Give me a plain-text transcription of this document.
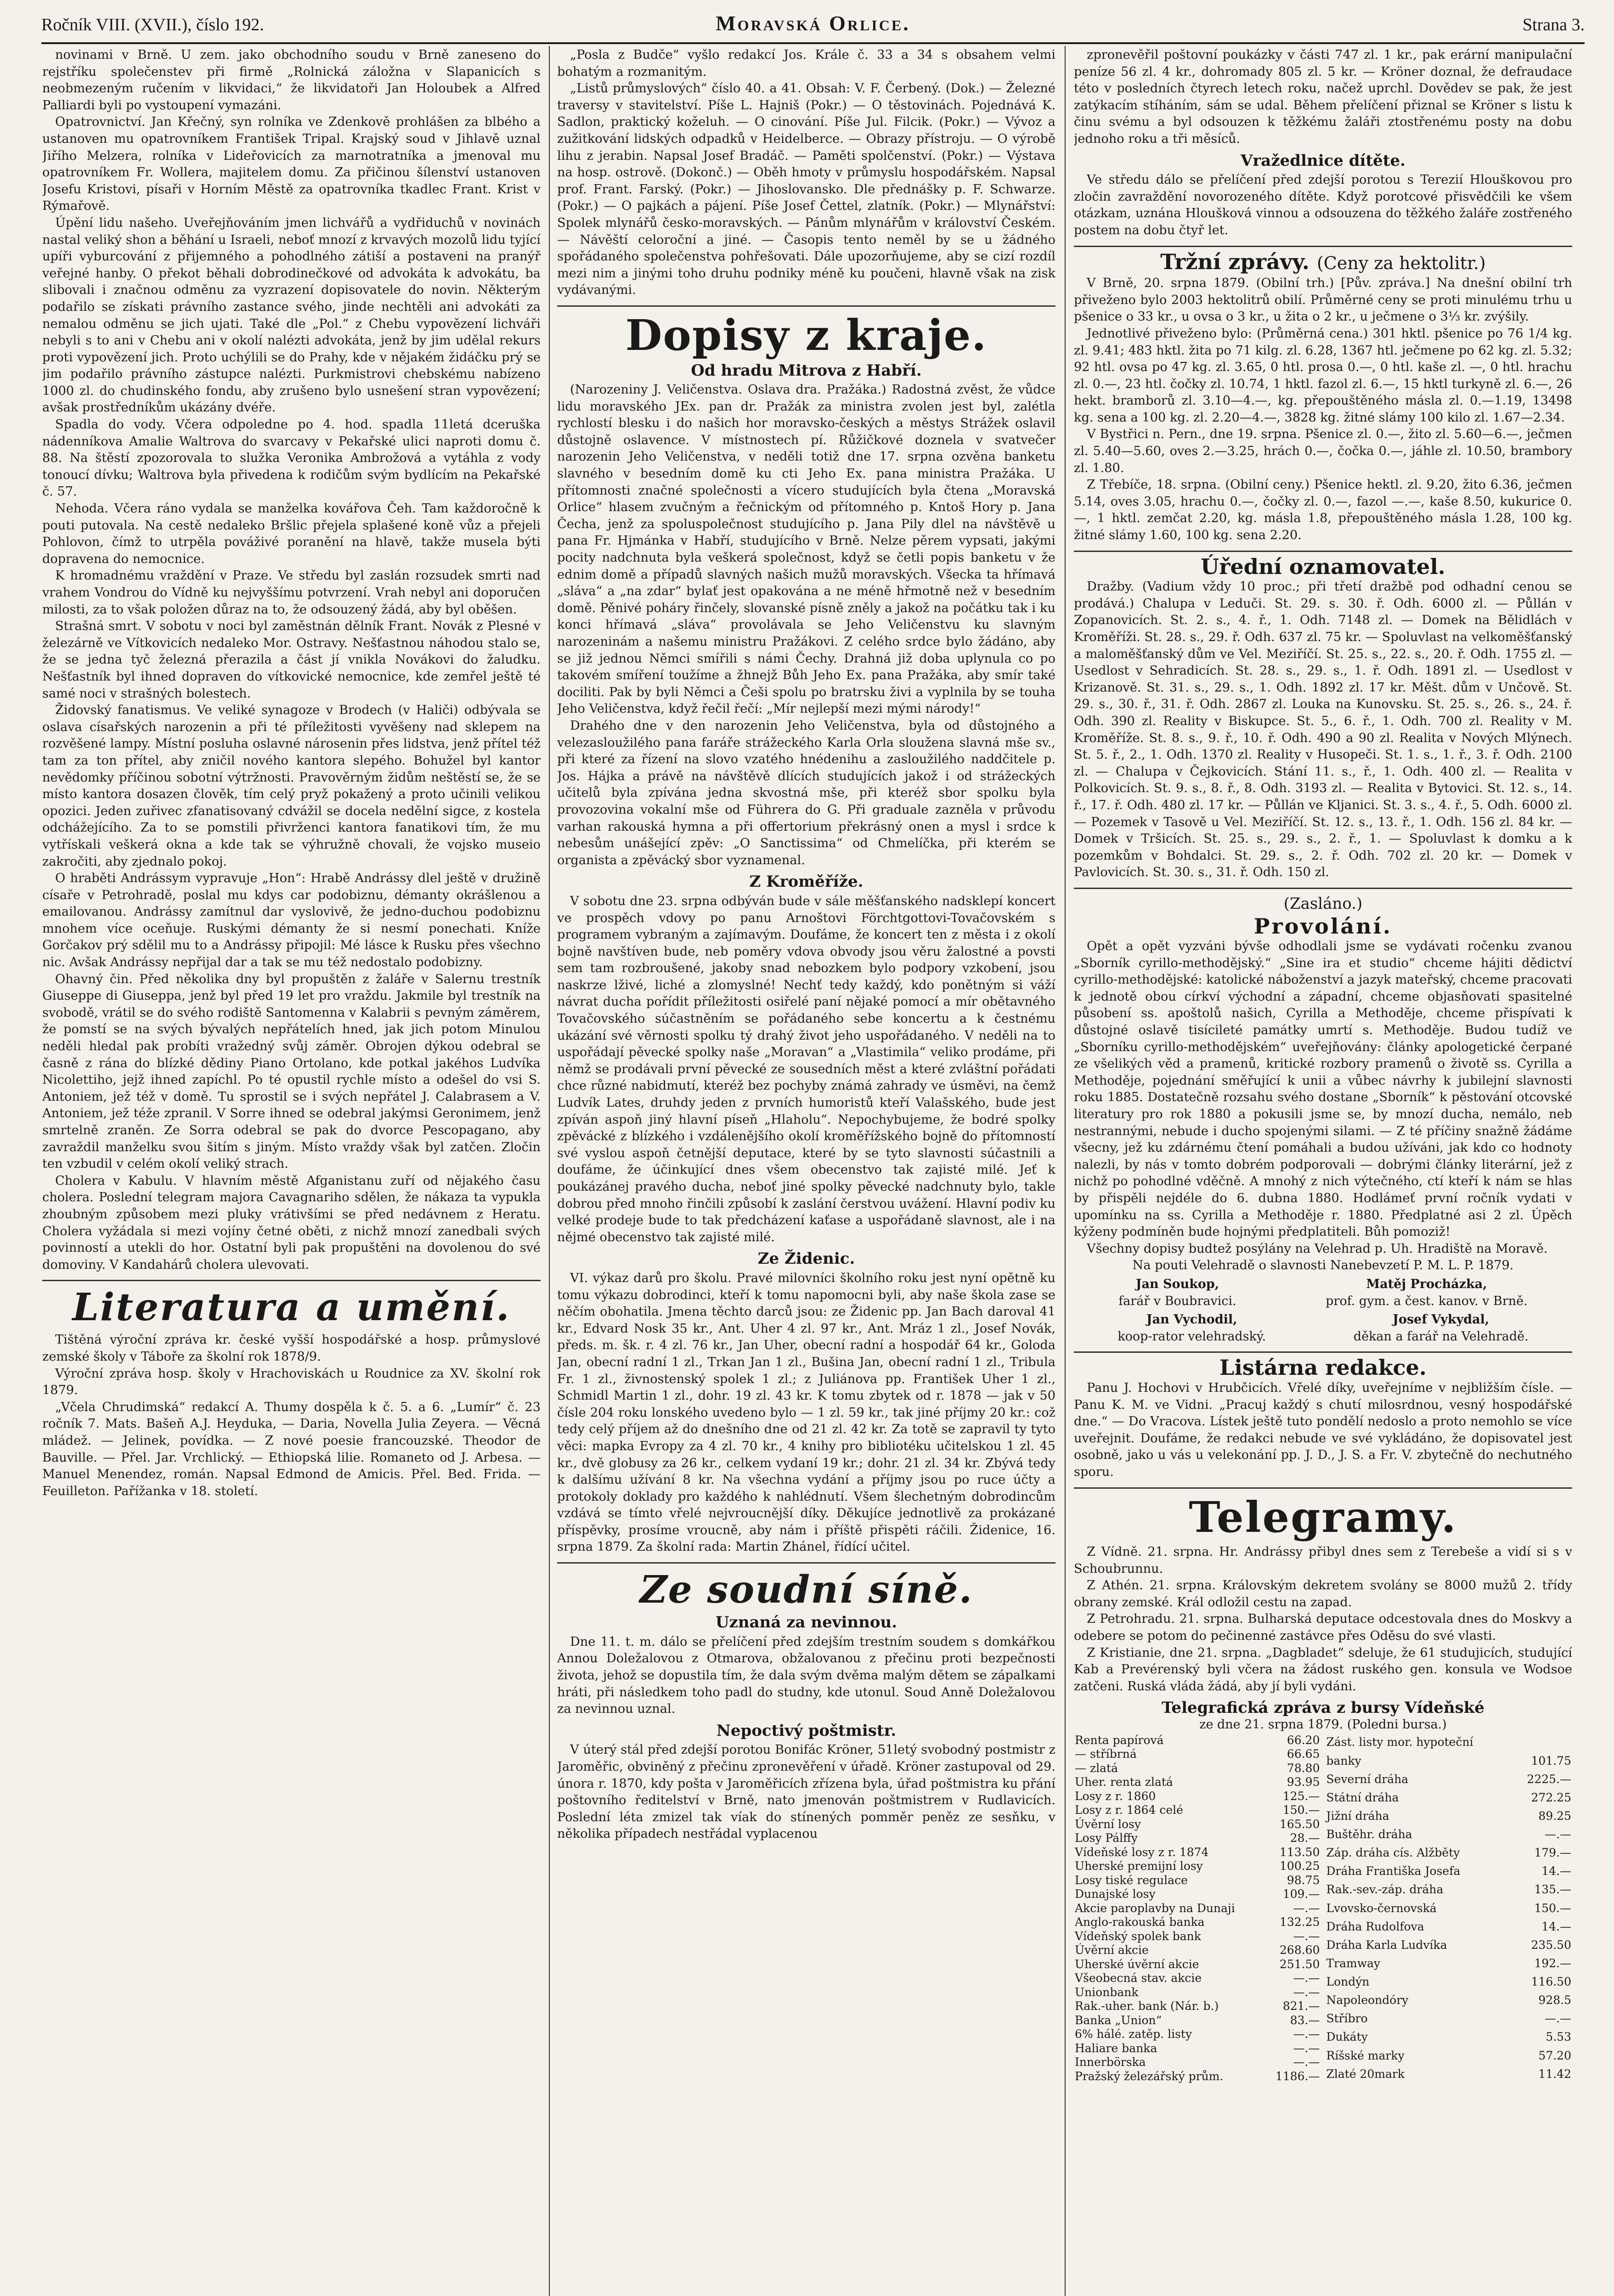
Ročník VIII. (XVII.), číslo 192.	Moravská Orlice.	Strana 3.

novinami v Brně. U zem. jako obchodního soudu v Brně zaneseno do rejstříku společenstev při firmě „Rolnická záložna v Slapanicích s neobmezeným ručením v likvidaci,“ že likvidatoři Jan Holoubek a Alfred Palliardi byli po vystoupení vymazáni.

Opatrovnictví. Jan Křečný, syn rolníka ve Zdenkově prohlášen za blbého a ustanoven mu opatrovníkem František Tripal. Krajský soud v Jihlavě uznal Jiřího Melzera, rolníka v Lideřovicích za marnotratníka a jmenoval mu opatrovníkem Fr. Wollera, majitelem domu. Za přičinou šílenství ustanoven Josefu Kristovi, písaři v Horním Městě za opatrovníka tkadlec Frant. Krist v Rýmařově.

Úpění lidu našeho. Uveřejňováním jmen lichvářů a vydřiduchů v novinách nastal veliký shon a běhání u Israeli, neboť mnozí z krvavých mozolů lidu tyjící upíři vyburcování z přijemného a pohodlného zátiší a postaveni na pranýř veřejné hanby. O překot běhali dobrodinečkové od advokáta k advokátu, ba slibovali i značnou odměnu za vyzrazení dopisovatele do novin. Některým podařilo se získati právního zastance svého, jinde nechtěli ani advokáti za nemalou odměnu se jich ujati. Také dle „Pol.“ z Chebu vypovězení lichváři nebyli s to ani v Chebu ani v okolí nalézti advokáta, jenž by jim udělal rekurs proti vypovězení jich. Proto uchýlili se do Prahy, kde v nějakém židáčku prý se jim podařilo právního zástupce nalézti. Purkmistrovi chebskému nabízeno 1000 zl. do chudinského fondu, aby zrušeno bylo usnešení stran vypovězení; avšak prostředníkům ukázány dvéře.

Spadla do vody. Včera odpoledne po 4. hod. spadla 11letá dceruška nádenníkova Amalie Waltrova do svarcavy v Pekařské ulici naproti domu č. 88. Na štěstí zpozorovala to služka Veronika Ambrožová a vytáhla z vody tonoucí dívku; Waltrova byla přivedena k rodičům svým bydlícím na Pekařské č. 57.

Nehoda. Včera ráno vydala se manželka kovářova Čeh. Tam každoročně k pouti putovala. Na cestě nedaleko Bršlic přejela splašené koně vůz a přejeli Pohlovon, čímž to utrpěla pováživé poranění na hlavě, takže musela býti dopravena do nemocnice.

K hromadnému vraždění v Praze. Ve středu byl zaslán rozsudek smrti nad vrahem Vondrou do Vídně ku nejvyššímu potvrzení. Vrah nebyl ani doporučen milosti, za to však položen důraz na to, že odsouzený žádá, aby byl oběšen.

Strašná smrt. V sobotu v noci byl zaměstnán dělník Frant. Novák z Plesné v železárně ve Vítkovicích nedaleko Mor. Ostravy. Nešťastnou náhodou stalo se, že se jedna tyč železná přerazila a část jí vnikla Novákovi do žaludku. Nešťastník byl ihned dopraven do vítkovické nemocnice, kde zemřel ještě té samé noci v strašných bolestech.

Židovský fanatismus. Ve veliké synagoze v Brodech (v Haliči) odbývala se oslava císařských narozenin a při té příležitosti vyvěšeny nad sklepem na rozvěšené lampy. Místní posluha oslavné nárosenin přes lidstva, jenž přítel též tam za ton přítel, aby zničil nového kantora slepého. Bohužel byl kantor nevědomky příčinou sobotní výtržnosti. Pravověrným židům neštěstí se, že se místo kantora dosazen člověk, tím celý pryž pokažený a proto učinili velikou opozici. Jeden zuřivec zfanatisovaný cdvážil se docela nedělní sigce, z kostela odchážejícího. Za to se pomstili přivrženci kantora fanatikovi tím, že mu vytřískali veškerá okna a kde tak se výhružně chovali, že vojsko museio zakročiti, aby zjednalo pokoj.

O hraběti Andrássym vypravuje „Hon“: Hrabě Andrássy dlel ještě v družině císaře v Petrohradě, poslal mu kdys car podobiznu, démanty okrášlenou a emailovanou. Andrássy zamítnul dar vyslovivě, že jedno-duchou podobiznu mnohem více oceňuje. Ruskými démanty že si nesmí ponechati. Kníže Gorčakov prý sdělil mu to a Andrássy připojil: Mé lásce k Rusku přes všechno nic. Avšak Andrássy nepřijal dar a tak se mu též nedostalo podobizny.

Ohavný čin. Před několika dny byl propuštěn z žaláře v Salernu trestník Giuseppe di Giuseppa, jenž byl před 19 let pro vraždu. Jakmile byl trestník na svobodě, vrátil se do svého rodiště Santomenna v Kalabrii s pevným záměrem, že pomstí se na svých bývalých nepřátelích hned, jak jich potom Minulou neděli hledal pak probíti vražedný svůj záměr. Obrojen dýkou odebral se časně z rána do blízké dědiny Piano Ortolano, kde potkal jakéhos Ludvíka Nicolettiho, jejž ihned zapíchl. Po té opustil rychle místo a odešel do vsi S. Antoniem, jež též v domě. Tu sprostil se i svých nepřátel J. Calabrasem a V. Antoniem, jež téže zpranil. V Sorre ihned se odebral jakýmsi Geronimem, jenž smrtelně zraněn. Ze Sorra odebral se pak do dvorce Pescopagano, aby zavraždil manželku svou šitím s jiným. Místo vraždy však byl zatčen. Zločin ten vzbudil v celém okolí veliký strach.

Cholera v Kabulu. V hlavním městě Afganistanu zuří od nějakého času cholera. Poslední telegram majora Cavagnariho sdělen, že nákaza ta vypukla zhoubným způsobem mezi pluky vrátivšími se před nedávnem z Heratu. Cholera vyžádala si mezi vojíny četné oběti, z nichž mnozí zanedbali svých povinností a utekli do hor. Ostatní byli pak propuštěni na dovolenou do své domoviny. V Kandahárů cholera ulevovati.

Literatura a umění.

Tištěná výroční zpráva kr. české vyšší hospodářské a hosp. průmyslové zemské školy v Táboře za školní rok 1878/9.

Výroční zpráva hosp. školy v Hrachoviskách u Roudnice za XV. školní rok 1879.

„Včela Chrudimská“ redakcí A. Thumy dospěla k č. 5. a 6. „Lumír“ č. 23 ročník 7. Mats. Bašeň A.J. Heyduka, — Daria, Novella Julia Zeyera. — Věcná mládež. — Jelinek, povídka. — Z nové poesie francouzské. Theodor de Bauville. — Přel. Jar. Vrchlický. — Ethiopská lilie. Romaneto od J. Arbesa. — Manuel Menendez, román. Napsal Edmond de Amicis. Přel. Bed. Frida. — Feuilleton. Pařížanka v 18. století.

„Posla z Budče“ vyšlo redakcí Jos. Krále č. 33 a 34 s obsahem velmi bohatým a rozmanitým.

„Listů průmyslových“ číslo 40. a 41. Obsah: V. F. Čerbený. (Dok.) — Železné traversy v stavitelství. Píše L. Hajniš (Pokr.) — O těstovinách. Pojednává K. Sadlon, praktický koželuh. — O cinování. Píše Jul. Filcik. (Pokr.) — Vývoz a zužitkování lidských odpadků v Heidelberce. — Obrazy přístroju. — O výrobě lihu z jerabin. Napsal Josef Bradáč. — Paměti spolčenství. (Pokr.) — Výstava na hosp. ostrově. (Dokonč.) — Oběh hmoty v průmyslu hospodářském. Napsal prof. Frant. Farský. (Pokr.) — Jihoslovansko. Dle přednášky p. F. Schwarze. (Pokr.) — O pajkách a pájení. Píše Josef Čettel, zlatník. (Pokr.) — Mlynářství: Spolek mlynářů česko-moravských. — Pánům mlynářům v království Českém. — Návěští celoroční a jiné. — Časopis tento neměl by se u žádného spořádaného společenstva pohřešovati. Dále upozorňujeme, aby se cizí rozdíl mezi nim a jinými toho druhu podniky méně ku poučeni, hlavně však na zisk vydávanými.

Dopisy z kraje.
Od hradu Mitrova z Habří.

(Narozeniny J. Veličenstva. Oslava dra. Pražáka.) Radostná zvěst, že vůdce lidu moravského JEx. pan dr. Pražák za ministra zvolen jest byl, zalétla rychlostí blesku i do našich hor moravsko-českých a městys Strážek oslavil důstojně oslavence. V místnostech pí. Růžičkové doznela v svatvečer narozenin Jeho Veličenstva, v neděli totiž dne 17. srpna ozvěna banketu slavného v besedním domě ku cti Jeho Ex. pana ministra Pražáka. U přítomnosti značné společnosti a vícero studujících byla čtena „Moravská Orlice“ hlasem zvučným a řečnickým od přítomného p. Kntoš Hory p. Jana Čecha, jenž za spoluspolečnost studujícího p. Jana Pily dlel na návštěvě u pana Fr. Hjmánka v Habří, studujícího v Brně. Nelze pěrem vypsati, jakými pocity nadchnuta byla veškerá společnost, když se četli popis banketu v že ednim domě a případů slavných našich mužů moravských. Všecka ta hřímavá „sláva“ a „na zdar“ bylať jest opakována a ne méně hřmotně než v besedním domě. Pěnivé poháry řinčely, slovanské písně zněly a jakož na počátku tak i ku konci hřímavá „sláva“ provolávala se Jeho Veličenstvu ku slavným narozeninám a našemu ministru Pražákovi. Z celého srdce bylo žádáno, aby se již jednou Němci smířili s námi Čechy. Drahná již doba uplynula co po takovém smíření toužíme a žhnejž Bůh Jeho Ex. pana Pražáka, aby smír také dociliti. Pak by byli Němci a Češi spolu po bratrsku živi a vyplnila by se touha Jeho Veličenstva, když řečil řečí: „Mír nejlepší mezi mými národy!“

Drahého dne v den narozenin Jeho Veličenstva, byla od důstojného a velezasloužilého pana faráře strážeckého Karla Orla sloužena slavná mše sv., při které za řízení na slovo vzatého hnédenihu a zasloužilého naddčitele p. Jos. Hájka a právě na návštěvě dlících studujících jakož i od strážeckých učitelů byla zpívána jedna skvostná mše, při kteréž sbor spolku byla provozovina vokalní mše od Führera do G. Při graduale zazněla v průvodu varhan rakouská hymna a při offertorium překrásný onen a mysl i srdce k nebesům unášející zpěv: „O Sanctissima“ od Chmelíčka, při kterém se organista a zpěvácký sbor vyznamenal.

Z Kroměříže.

V sobotu dne 23. srpna odbýván bude v sále měšťanského nadsklepí koncert ve prospěch vdovy po panu Arnoštovi Förchtgottovi-Tovačovském s programem vybraným a zajímavým. Doufáme, že koncert ten z města i z okolí bojně navštíven bude, neb poměry vdova obvody jsou věru žalostné a povsti sem tam rozbroušené, jakoby snad nebozkem bylo podpory vzkobení, jsou naskrze lživé, liché a zlomyslné! Nechť tedy každý, kdo ponětným si váží návrat ducha pořídit příležitosti osiřelé paní nějaké pomocí a mír obětavného Tovačovského súčastněním se pořádaného sebe koncertu a k čestnému ukázání své věrnosti spolku tý drahý život jeho uspořádaného. V neděli na to uspořádají pěvecké spolky naše „Moravan“ a „Vlastimila“ veliko prodáme, při němž se prodávali první pěvecké ze sousedních měst a které zvláštní pořádati chce různé nabidmutí, kteréž bez pochyby známá zahrady ve úsměvi, na čemž Ludvík Lates, druhdy jeden z prvních humoristů kteří Valašského, bude jest zpíván aspoň jiný hlavní píseň „Hlaholu“. Nepochybujeme, že bodré spolky zpěvácké z blízkého i vzdálenějšího okolí kroměřížského bojně do přítomností své vyslou aspoň četnější deputace, které by se tyto slavnosti súčastnili a doufáme, že účinkující dnes všem obecenstvo tak zajisté milé. Jeť k poukázánej pravého ducha, neboť jiné spolky pěvecké nadchnuty bylo, takle dobrou před mnoho řinčili způsobí k zaslání čerstvou uvážení. Hlavní podiv ku velké prodeje bude to tak předcházení kaťase a uspořádaně slavnost, ale i na nějmé obecenstvo tak zajisté milé.

Ze Židenic.

VI. výkaz darů pro školu. Pravé milovníci školního roku jest nyní opětně ku tomu výkazu dobrodinci, kteří k tomu napomocni byli, aby naše škola zase se něčím obohatila. Jmena těchto darců jsou: ze Židenic pp. Jan Bach daroval 41 kr., Edvard Nosk 35 kr., Ant. Uher 4 zl. 97 kr., Ant. Mráz 1 zl., Josef Novák, předs. m. šk. r. 4 zl. 76 kr., Jan Uher, obecní radní a hospodář 64 kr., Goloda Jan, obecní radní 1 zl., Trkan Jan 1 zl., Bušina Jan, obecní radní 1 zl., Tribula Fr. 1 zl., živnostenský spolek 1 zl.; z Juliánova pp. František Uher 1 zl., Schmidl Martin 1 zl., dohr. 19 zl. 43 kr. K tomu zbytek od r. 1878 — jak v 50 čísle 204 roku lonského uvedeno bylo — 1 zl. 59 kr., tak jiné příjmy 20 kr.: což tedy celý příjem až do dnešního dne od 21 zl. 42 kr. Za totě se zapravil ty tyto věci: mapka Evropy za 4 zl. 70 kr., 4 knihy pro bibliotéku učitelskou 1 zl. 45 kr., dvě globusy za 26 kr., celkem vydaní 19 kr.; dohr. 21 zl. 34 kr. Zbývá tedy k dalšímu užívání 8 kr. Na všechna vydání a příjmy jsou po ruce účty a protokoly doklady pro každého k nahlédnutí. Všem šlechetným dobrodincům vzdává se tímto vřelé nejvroucnější díky. Děkujíce jednotlivě za prokázané příspěvky, prosíme vroucně, aby nám i příště přispěti ráčili. Židenice, 16. srpna 1879. Za školní rada: Martin Zhánel, řídící učitel.

Ze soudní síně.
Uznaná za nevinnou.

Dne 11. t. m. dálo se přelíčení před zdejším trestním soudem s domkářkou Annou Doležalovou z Otmarova, obžalovanou z přečinu proti bezpečnosti života, jehož se dopustila tím, že dala svým dvěma malým dětem se zápalkami hráti, při následkem toho padl do studny, kde utonul. Soud Anně Doležalovou za nevinnou uznal.

Nepoctivý poštmistr.

V úterý stál před zdejší porotou Bonifác Kröner, 51letý svobodný postmistr z Jaroměřic, obviněný z přečinu zpronevěření v úřadě. Kröner zastupoval od 29. února r. 1870, kdy pošta v Jaroměřicích zřízena byla, úřad poštmistra ku přání poštovního ředitelství v Brně, nato jmenován poštmistrem v Rudlavicích. Poslední léta zmizel tak víak do stínených pomměr peněz ze sesňku, v několika případech nestřádal vyplacenou

zpronevěřil poštovní poukázky v části 747 zl. 1 kr., pak erární manipulační peníze 56 zl. 4 kr., dohromady 805 zl. 5 kr. — Kröner doznal, že defraudace této v posledních čtyrech letech roku, načež uprchl. Dovědev se pak, že jest zatýkacím stíháním, sám se udal. Během přelíčení přiznal se Kröner s listu k činu svému a byl odsouzen k těžkému žaláři ztostřenému posty na dobu jednoho roku a tři měsíců.

Vražedlnice dítěte.

Ve středu dálo se přelíčení před zdejší porotou s Terezií Hlouškovou pro zločin zavraždění novorozeného dítěte. Když porotcové přisvědčili ke všem otázkam, uznána Hloušková vinnou a odsouzena do těžkého žaláře zostřeného postem na dobu čtyř let.

Tržní zprávy. (Ceny za hektolitr.)

V Brně, 20. srpna 1879. (Obilní trh.) [Pův. zpráva.] Na dnešní obilní trh přiveženo bylo 2003 hektolitrů obilí. Průměrné ceny se proti minulému trhu u pšenice o 33 kr., u ovsa o 3 kr., u žita o 2 kr., u ječmene o 3⅓ kr. zvýšily.

Jednotlivé přiveženo bylo: (Průměrná cena.) 301 hktl. pšenice po 76 1/4 kg. zl. 9.41; 483 hktl. žita po 71 kilg. zl. 6.28, 1367 htl. ječmene po 62 kg. zl. 5.32; 92 htl. ovsa po 47 kg. zl. 3.65, 0 htl. prosa 0.—, 0 htl. kaše zl. —, 0 htl. hrachu zl. 0.—, 23 htl. čočky zl. 10.74, 1 hktl. fazol zl. 6.—, 15 hktl turkyně zl. 6.—, 26 hekt. bramborů zl. 3.10—4.—, kg. přepouštěného másla zl. 0.—1.19, 13498 kg. sena a 100 kg. zl. 2.20—4.—, 3828 kg. žitné slámy 100 kilo zl. 1.67—2.34.

V Bystřici n. Pern., dne 19. srpna. Pšenice zl. 0.—, žito zl. 5.60—6.—, ječmen zl. 5.40—5.60, oves 2.—3.25, hrách 0.—, čočka 0.—, jáhle zl. 10.50, brambory zl. 1.80.

Z Třebíče, 18. srpna. (Obilní ceny.) Pšenice hektl. zl. 9.20, žito 6.36, ječmen 5.14, oves 3.05, hrachu 0.—, čočky zl. 0.—, fazol —.—, kaše 8.50, kukurice 0.—, 1 hktl. zemčat 2.20, kg. másla 1.8, přepouštěného másla 1.28, 100 kg. žitné slámy 1.60, 100 kg. sena 2.20.

Úřední oznamovatel.

Dražby. (Vadium vždy 10 proc.; při třetí dražbě pod odhadní cenou se prodává.) Chalupa v Leduči. St. 29. s. 30. ř. Odh. 6000 zl. — Půllán v Zopanovicích. St. 2. s., 4. ř., 1. Odh. 7148 zl. — Domek na Bělidlách v Kroměříži. St. 28. s., 29. ř. Odh. 637 zl. 75 kr. — Spoluvlast na velkoměšťanský a maloměšťanský dům ve Vel. Meziříčí. St. 25. s., 22. s., 20. ř. Odh. 1755 zl. — Usedlost v Sehradicích. St. 28. s., 29. s., 1. ř. Odh. 1891 zl. — Usedlost v Krizanově. St. 31. s., 29. s., 1. Odh. 1892 zl. 17 kr. Měšt. dům v Unčově. St. 29. s., 30. ř., 31. ř. Odh. 2867 zl. Louka na Kunovsku. St. 25. s., 26. s., 24. ř. Odh. 390 zl. Reality v Biskupce. St. 5., 6. ř., 1. Odh. 700 zl. Reality v M. Kroměříže. St. 8. s., 9. ř., 10. ř. Odh. 490 a 90 zl. Realita v Nových Mlýnech. St. 5. ř., 2., 1. Odh. 1370 zl. Reality v Husopeči. St. 1. s., 1. ř., 3. ř. Odh. 2100 zl. — Chalupa v Čejkovicích. Stání 11. s., ř., 1. Odh. 400 zl. — Realita v Polkovicích. St. 9. s., 8. ř., 8. Odh. 3193 zl. — Realita v Bytovici. St. 12. s., 14. ř., 17. ř. Odh. 480 zl. 17 kr. — Půllán ve Kljanici. St. 3. s., 4. ř., 5. Odh. 6000 zl. — Pozemek v Tasově u Vel. Meziříčí. St. 12. s., 13. ř., 1. Odh. 156 zl. 84 kr. — Domek v Tršicích. St. 25. s., 29. s., 2. ř., 1. — Spoluvlast k domku a k pozemkům v Bohdalci. St. 29. s., 2. ř. Odh. 702 zl. 20 kr. — Domek v Pavlovicích. St. 30. s., 31. ř. Odh. 150 zl.

(Zasláno.)
Provolání.

Opět a opět vyzváni bývše odhodlali jsme se vydávati ročenku zvanou „Sborník cyrillo-methodějský.“ „Sine ira et studio“ chceme hájiti dědictví cyrillo-methodějské: katolické náboženství a jazyk mateřský, chceme pracovati k jednotě obou církví východní a západní, chceme objasňovati spasitelné působení ss. apoštolů našich, Cyrilla a Methoděje, chceme přispívati k důstojné oslavě tisícileté památky umrtí s. Methoděje. Budou tudíž ve „Sborníku cyrillo-methodějském“ uveřejňovány: články apologetické čerpané ze všelikých věd a pramenů, kritické rozbory pramenů o životě ss. Cyrilla a Methoděje, pojednání směřující k unii a vůbec návrhy k jubilejní slavnosti roku 1885. Dostatečně rozsahu svého dostane „Sborník“ k pěstování otcovské literatury pro rok 1880 a pokusili jsme se, by mnozí ducha, nemálo, neb nestrannými, nebude i ducho spojenými silami. — Z té příčiny snažně žádáme všecny, jež ku zdárnému čtení pomáhali a budou užíváni, jak kdo co hodnoty nalezli, by nás v tomto dobrém podporovali — dobrými články literární, jež z nichž po pohodlné vděčně. A mnohý z nich výtečného, ctí kteří k nám se hlas by přispěli nejdéle do 6. dubna 1880. Hodlámeť první ročník vydati v upomínku na ss. Cyrilla a Methoděje r. 1880. Předplatné asi 2 zl. Úpěch kýženy podmíněn bude hojnými předplatiteli. Bůh pomoziž!

Všechny dopisy budtež posýlány na Velehrad p. Uh. Hradiště na Moravě.

Na pouti Velehradě o slavnosti Nanebevzetí P. M. L. P. 1879.

Jan Soukop,
farář v Boubravici.
Matěj Procházka,
prof. gym. a čest. kanov. v Brně.
Jan Vychodil,
koop-rator velehradský.
Josef Vykydal,
děkan a farář na Velehradě.
Listárna redakce.

Panu J. Hochovi v Hrubčicích. Vřelé díky, uveřejníme v nejbližším čísle. — Panu K. M. ve Vidni. „Pracuj každý s chutí milosrdnou, vesný hospodářské dne.“ — Do Vracova. Lístek ještě tuto pondělí nedoslo a proto nemohlo se více uveřejnit. Doufáme, že redakci nebude ve své vykládáno, že dopisovatel jest osobně, jako u vás u velekonání pp. J. D., J. S. a Fr. V. zbytečně do nechutného sporu.

Telegramy.

Z Vídně. 21. srpna. Hr. Andrássy přibyl dnes sem z Terebeše a vidí si s v Schoubrunnu.

Z Athén. 21. srpna. Královským dekretem svolány se 8000 mužů 2. třídy obrany zemské. Král odložil cestu na zapad.

Z Petrohradu. 21. srpna. Bulharská deputace odcestovala dnes do Moskvy a odebere se potom do pečinenné zastávce přes Oděsu do své vlasti.

Z Kristianie, dne 21. srpna. „Dagbladet“ sdeluje, že 61 studujicích, studující Kab a Prevérenský byli včera na žádost ruského gen. konsula ve Wodsoe zatčeni. Ruská vláda žádá, aby jí byli vydáni.

Telegrafická zpráva z bursy Vídeňské
ze dne 21. srpna 1879. (Poledni bursa.)
Renta papírová	66.20
— stříbrná	66.65
— zlatá	78.80
Uher. renta zlatá	93.95
Losy z r. 1860	125.—
Losy z r. 1864 celé	150.—
Úvěrní losy	165.50
Losy Pálffy	28.—
Vídeňské losy z r. 1874	113.50
Uherské premijní losy	100.25
Losy tiské regulace	98.75
Dunajské losy	109.—
Akcie paroplavby na Dunaji	—.—
Anglo-rakouská banka	132.25
Vídeňský spolek bank	—.—
Úvěrní akcie	268.60
Uherské úvěrní akcie	251.50
Všeobecná stav. akcie	—.—
Unionbank	—.—
Rak.-uher. bank (Nár. b.)	821.—
Banka „Union“	83.—
6% hálé. zatěp. listy	—.—
Haliare banka	—.—
Innerbörska	—.—
Pražský železářský prům.	1186.—
Zást. listy mor. hypoteční	
banky	101.75
Severní dráha	2225.—
Státní dráha	272.25
Jižní dráha	89.25
Buštěhr. dráha	—.—
Záp. dráha cís. Alžběty	179.—
Dráha Františka Josefa	14.—
Rak.-sev.-záp. dráha	135.—
Lvovsko-černovská	150.—
Dráha Rudolfova	14.—
Dráha Karla Ludvíka	235.50
Tramway	192.—
Londýn	116.50
Napoleondóry	928.5
Stříbro	—.—
Dukáty	5.53
Ríšské marky	57.20
Zlaté 20mark	11.42
